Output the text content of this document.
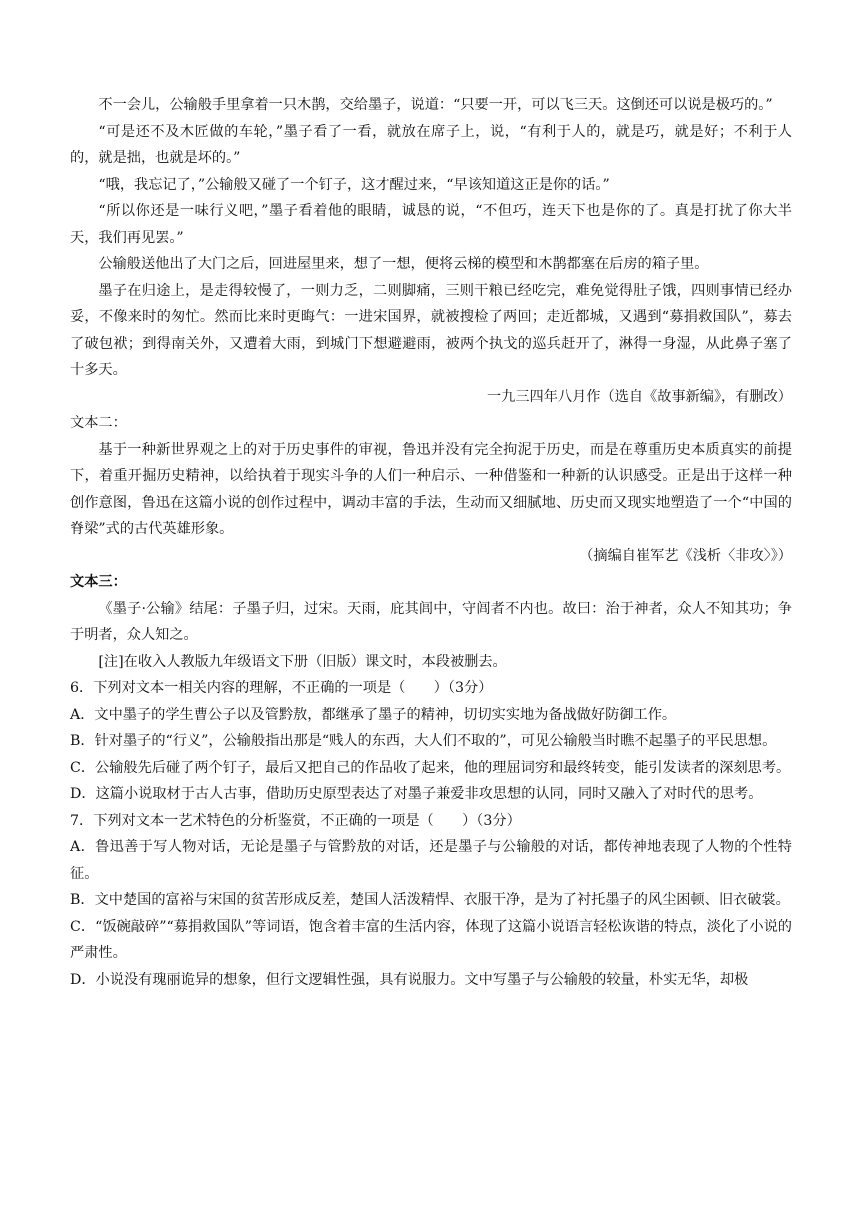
不一会儿，公输般手里拿着一只木鹊，交给墨子，说道：“只要一开，可以飞三天。这倒还可以说是极巧的。”

“可是还不及木匠做的车轮，”墨子看了一看，就放在席子上，说，“有利于人的，就是巧，就是好；不利于人的，就是拙，也就是坏的。”

“哦，我忘记了，”公输般又碰了一个钉子，这才醒过来，“早该知道这正是你的话。”

“所以你还是一味行义吧，”墨子看着他的眼睛，诚恳的说，“不但巧，连天下也是你的了。真是打扰了你大半天，我们再见罢。”

公输般送他出了大门之后，回进屋里来，想了一想，便将云梯的模型和木鹊都塞在后房的箱子里。

墨子在归途上，是走得较慢了，一则力乏，二则脚痛，三则干粮已经吃完，难免觉得肚子饿，四则事情已经办妥，不像来时的匆忙。然而比来时更晦气：一进宋国界，就被搜检了两回；走近都城，又遇到“募捐救国队”，募去了破包袱；到得南关外，又遭着大雨，到城门下想避避雨，被两个执戈的巡兵赶开了，淋得一身湿，从此鼻子塞了十多天。

一九三四年八月作（选自《故事新编》，有删改）

文本二：

基于一种新世界观之上的对于历史事件的审视，鲁迅并没有完全拘泥于历史，而是在尊重历史本质真实的前提下，着重开掘历史精神，以给执着于现实斗争的人们一种启示、一种借鉴和一种新的认识感受。正是出于这样一种创作意图，鲁迅在这篇小说的创作过程中，调动丰富的手法，生动而又细腻地、历史而又现实地塑造了一个“中国的脊梁”式的古代英雄形象。

（摘编自崔军艺《浅析〈非攻〉》）

文本三：

《墨子·公输》结尾：子墨子归，过宋。天雨，庇其闾中，守闾者不内也。故曰：治于神者，众人不知其功；争于明者，众人知之。

[注]在收入人教版九年级语文下册（旧版）课文时，本段被删去。

6．下列对文本一相关内容的理解，不正确的一项是（　　）（3分）

A．文中墨子的学生曹公子以及管黔敖，都继承了墨子的精神，切切实实地为备战做好防御工作。

B．针对墨子的“行义”，公输般指出那是“贱人的东西，大人们不取的”，可见公输般当时瞧不起墨子的平民思想。

C．公输般先后碰了两个钉子，最后又把自己的作品收了起来，他的理屈词穷和最终转变，能引发读者的深刻思考。

D．这篇小说取材于古人古事，借助历史原型表达了对墨子兼爱非攻思想的认同，同时又融入了对时代的思考。

7．下列对文本一艺术特色的分析鉴赏，不正确的一项是（　　）（3分）

A．鲁迅善于写人物对话，无论是墨子与管黔敖的对话，还是墨子与公输般的对话，都传神地表现了人物的个性特征。

B．文中楚国的富裕与宋国的贫苦形成反差，楚国人活泼精悍、衣服干净，是为了衬托墨子的风尘困顿、旧衣破裳。

C．“饭碗敲碎”“募捐救国队”等词语，饱含着丰富的生活内容，体现了这篇小说语言轻松诙谐的特点，淡化了小说的严肃性。

D．小说没有瑰丽诡异的想象，但行文逻辑性强，具有说服力。文中写墨子与公输般的较量，朴实无华，却极
